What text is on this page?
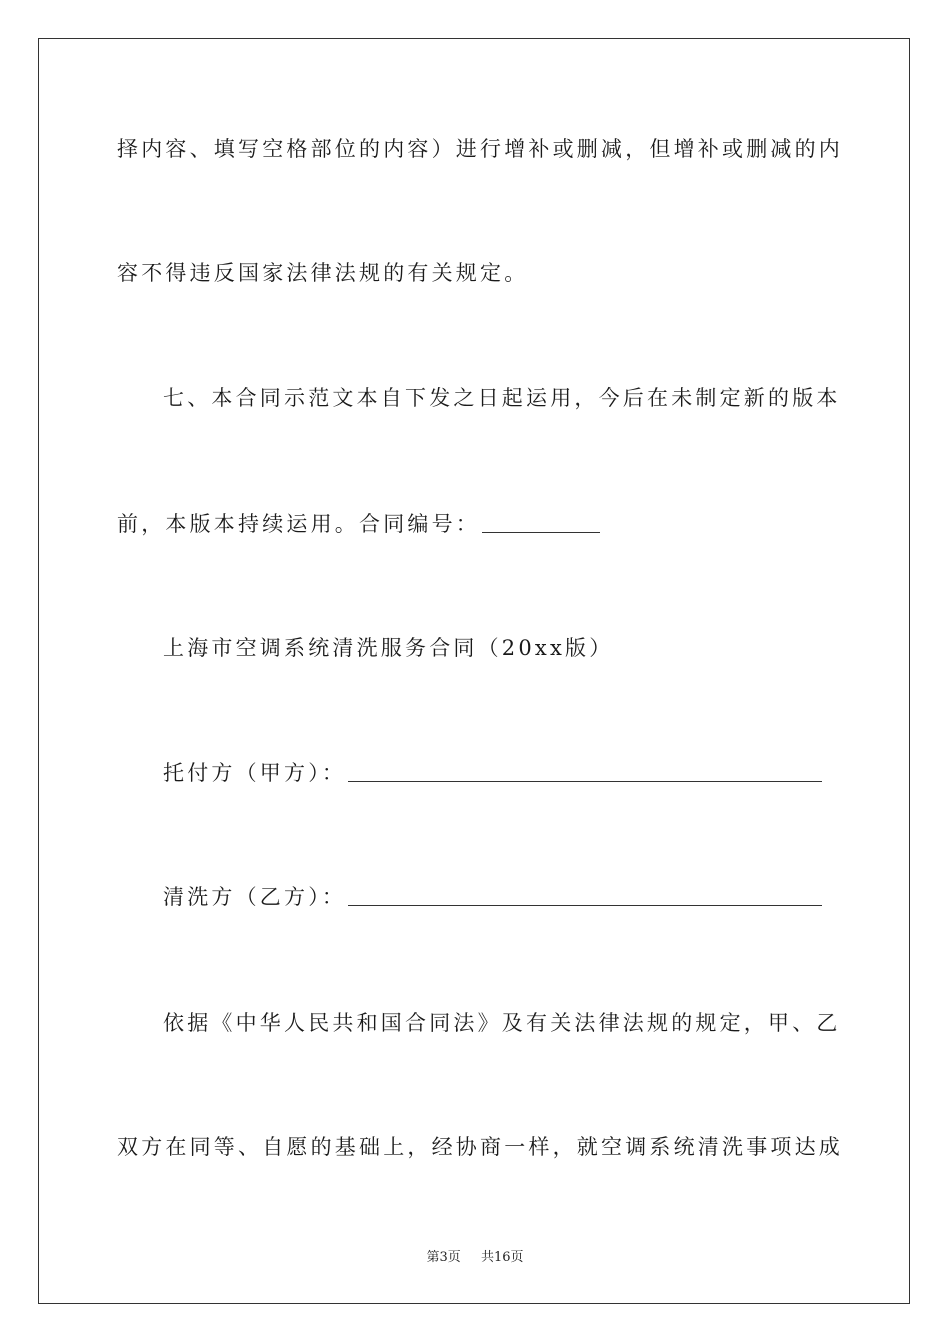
择内容、填写空格部位的内容）进行增补或删减，但增补或删减的内
容不得违反国家法律法规的有关规定。
七、本合同示范文本自下发之日起运用，今后在未制定新的版本
前，本版本持续运用。合同编号：
上海市空调系统清洗服务合同（20xx版）
托付方（甲方）：
清洗方（乙方）：
依据《中华人民共和国合同法》及有关法律法规的规定，甲、乙
双方在同等、自愿的基础上，经协商一样，就空调系统清洗事项达成
第3页 共16页
